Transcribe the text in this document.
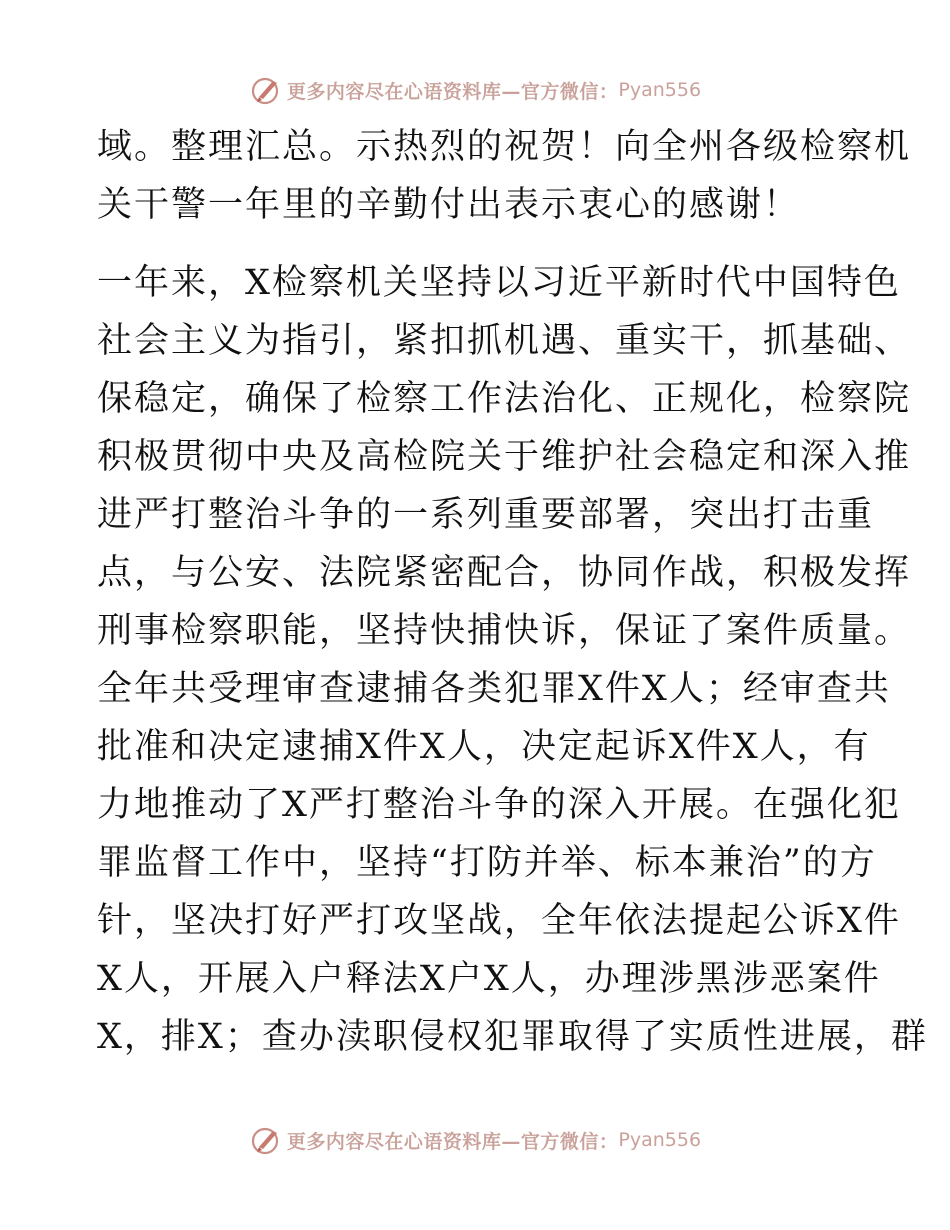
更多内容尽在心语资料库—官方微信： Pyan556
域。整理汇总。示热烈的祝贺！向全州各级检察机
关干警一年里的辛勤付出表示衷心的感谢！
一年来，X检察机关坚持以习近平新时代中国特色
社会主义为指引，紧扣抓机遇、重实干，抓基础、
保稳定，确保了检察工作法治化、正规化，检察院
积极贯彻中央及高检院关于维护社会稳定和深入推
进严打整治斗争的一系列重要部署，突出打击重
点，与公安、法院紧密配合，协同作战，积极发挥
刑事检察职能，坚持快捕快诉，保证了案件质量。
全年共受理审查逮捕各类犯罪X件X人；经审查共
批准和决定逮捕X件X人，决定起诉X件X人，有
力地推动了X严打整治斗争的深入开展。在强化犯
罪监督工作中，坚持“打防并举、标本兼治”的方
针，坚决打好严打攻坚战，全年依法提起公诉X件
X人，开展入户释法X户X人，办理涉黑涉恶案件
X，排X；查办渎职侵权犯罪取得了实质性进展，群
更多内容尽在心语资料库—官方微信： Pyan556
